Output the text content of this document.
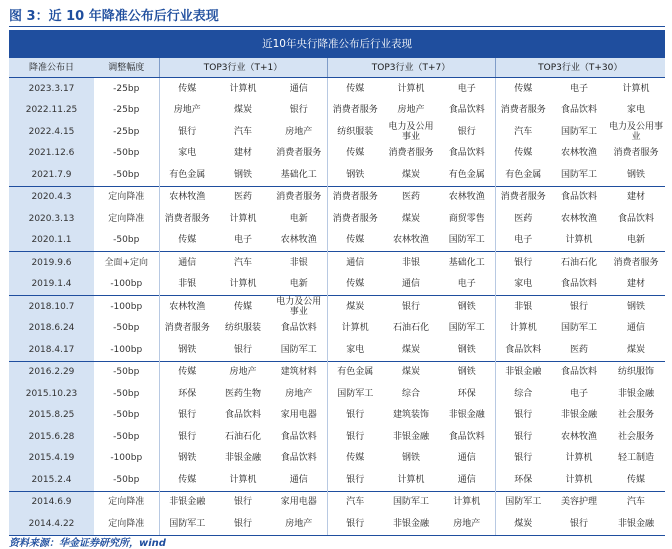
图 3：近 10 年降准公布后行业表现
近10年央行降准公布后行业表现										
降准公布日	调整幅度	TOP3行业（T+1）			TOP3行业（T+7）			TOP3行业（T+30）		
2023.3.17	-25bp	传媒	计算机	通信	传媒	计算机	电子	传媒	电子	计算机
2022.11.25	-25bp	房地产	煤炭	银行	消费者服务	房地产	食品饮料	消费者服务	食品饮料	家电
2022.4.15	-25bp	银行	汽车	房地产	纺织服装	电力及公用事业	银行	汽车	国防军工	电力及公用事业
2021.12.6	-50bp	家电	建材	消费者服务	传媒	消费者服务	食品饮料	传媒	农林牧渔	消费者服务
2021.7.9	-50bp	有色金属	钢铁	基础化工	钢铁	煤炭	有色金属	有色金属	国防军工	钢铁
2020.4.3	定向降准	农林牧渔	医药	消费者服务	消费者服务	医药	农林牧渔	消费者服务	食品饮料	建材
2020.3.13	定向降准	消费者服务	计算机	电新	消费者服务	煤炭	商贸零售	医药	农林牧渔	食品饮料
2020.1.1	-50bp	传媒	电子	农林牧渔	传媒	农林牧渔	国防军工	电子	计算机	电新
2019.9.6	全面+定向	通信	汽车	非银	通信	非银	基础化工	银行	石油石化	消费者服务
2019.1.4	-100bp	非银	计算机	电新	传媒	通信	电子	家电	食品饮料	建材
2018.10.7	-100bp	农林牧渔	传媒	电力及公用事业	煤炭	银行	钢铁	非银	银行	钢铁
2018.6.24	-50bp	消费者服务	纺织服装	食品饮料	计算机	石油石化	国防军工	计算机	国防军工	通信
2018.4.17	-100bp	钢铁	银行	国防军工	家电	煤炭	钢铁	食品饮料	医药	煤炭
2016.2.29	-50bp	传媒	房地产	建筑材料	有色金属	煤炭	钢铁	非银金融	食品饮料	纺织服饰
2015.10.23	-50bp	环保	医药生物	房地产	国防军工	综合	环保	综合	电子	非银金融
2015.8.25	-50bp	银行	食品饮料	家用电器	银行	建筑装饰	非银金融	银行	非银金融	社会服务
2015.6.28	-50bp	银行	石油石化	食品饮料	银行	非银金融	食品饮料	银行	农林牧渔	社会服务
2015.4.19	-100bp	钢铁	非银金融	食品饮料	传媒	钢铁	通信	银行	计算机	轻工制造
2015.2.4	-50bp	传媒	计算机	通信	银行	计算机	通信	环保	计算机	传媒
2014.6.9	定向降准	非银金融	银行	家用电器	汽车	国防军工	计算机	国防军工	美容护理	汽车
2014.4.22	定向降准	国防军工	银行	房地产	银行	非银金融	房地产	煤炭	银行	非银金融
资料来源：华金证券研究所，wind
